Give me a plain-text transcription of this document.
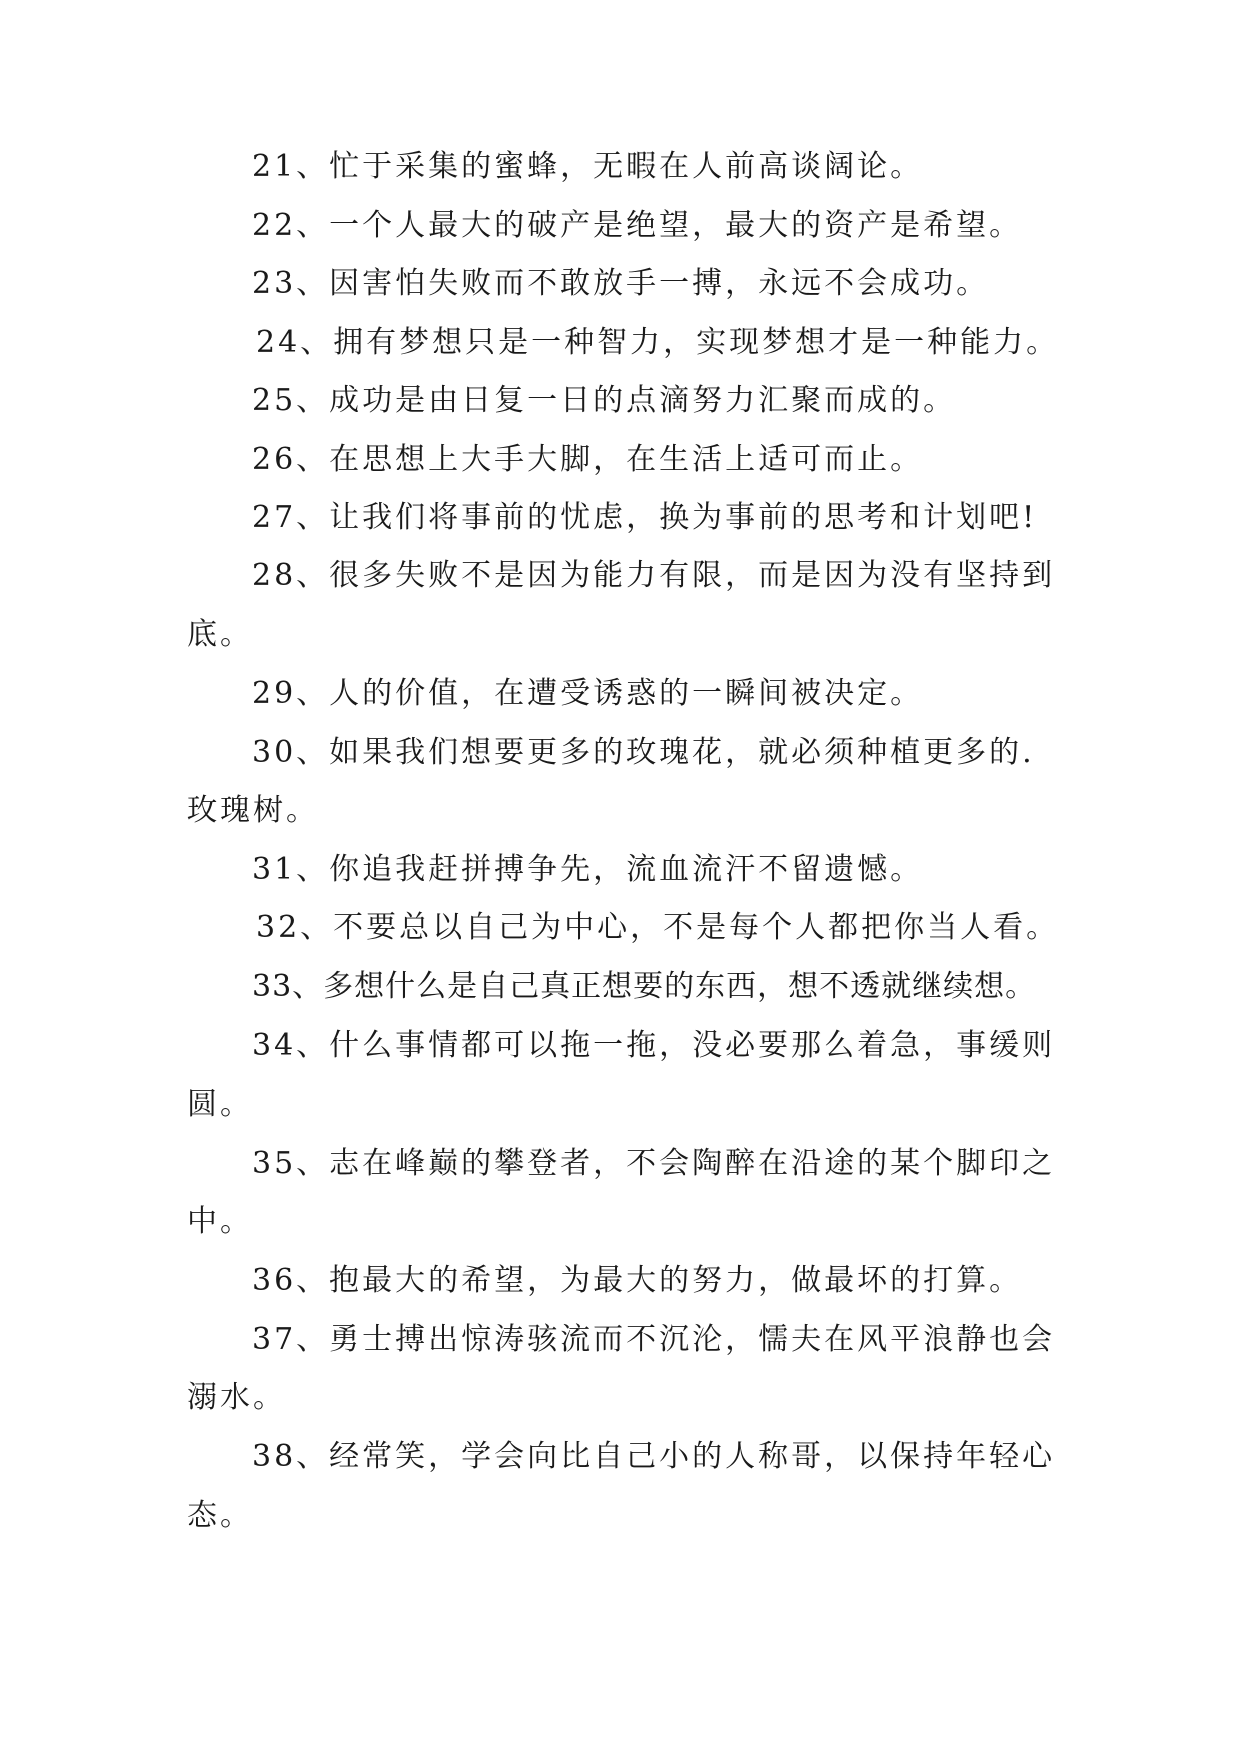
21、忙于采集的蜜蜂，无暇在人前高谈阔论。
22、一个人最大的破产是绝望，最大的资产是希望。
23、因害怕失败而不敢放手一搏，永远不会成功。
24、拥有梦想只是一种智力，实现梦想才是一种能力。
25、成功是由日复一日的点滴努力汇聚而成的。
26、在思想上大手大脚，在生活上适可而止。
27、让我们将事前的忧虑，换为事前的思考和计划吧!
28、很多失败不是因为能力有限，而是因为没有坚持到
底。
29、人的价值，在遭受诱惑的一瞬间被决定。
30、如果我们想要更多的玫瑰花，就必须种植更多的.
玫瑰树。
31、你追我赶拼搏争先，流血流汗不留遗憾。
32、不要总以自己为中心，不是每个人都把你当人看。
33、多想什么是自己真正想要的东西，想不透就继续想。
34、什么事情都可以拖一拖，没必要那么着急，事缓则
圆。
35、志在峰巅的攀登者，不会陶醉在沿途的某个脚印之
中。
36、抱最大的希望，为最大的努力，做最坏的打算。
37、勇士搏出惊涛骇流而不沉沦，懦夫在风平浪静也会
溺水。
38、经常笑，学会向比自己小的人称哥，以保持年轻心
态。
